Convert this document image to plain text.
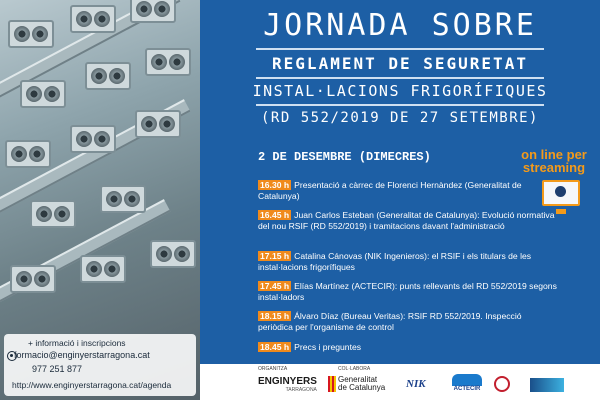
+ informació i inscripcions
formacio@enginyerstarragona.cat
977 251 877
http://www.enginyerstarragona.cat/agenda
JORNADA SOBRE
REGLAMENT DE SEGURETAT
INSTAL·LACIONS FRIGORÍFIQUES
(RD 552/2019 DE 27 SETEMBRE)
2 DE DESEMBRE (DIMECRES)	on line per
streaming
16.30 h Presentació a càrrec de Florenci Hernàndez (Generalitat de Catalunya)
16.45 h Juan Carlos Esteban (Generalitat de Catalunya): Evolució normativa del nou RSIF (RD 552/2019) i tramitacions davant l'administració
17.15 h Catalina Cánovas (NIK Ingenieros): el RSIF i els titulars de les instal·lacions frigorífiques
17.45 h Elías Martínez (ACTECIR): punts rellevants del RD 552/2019 segons instal·ladors
18.15 h Álvaro Díaz (Bureau Veritas): RSIF RD 552/2019. Inspecció periòdica per l'organisme de control
18.45 h Precs i preguntes
ORGANITZA	COL·LABORA
ENGINYERS
TARRAGONA
Generalitat
de Catalunya NIK	ACTECIR
